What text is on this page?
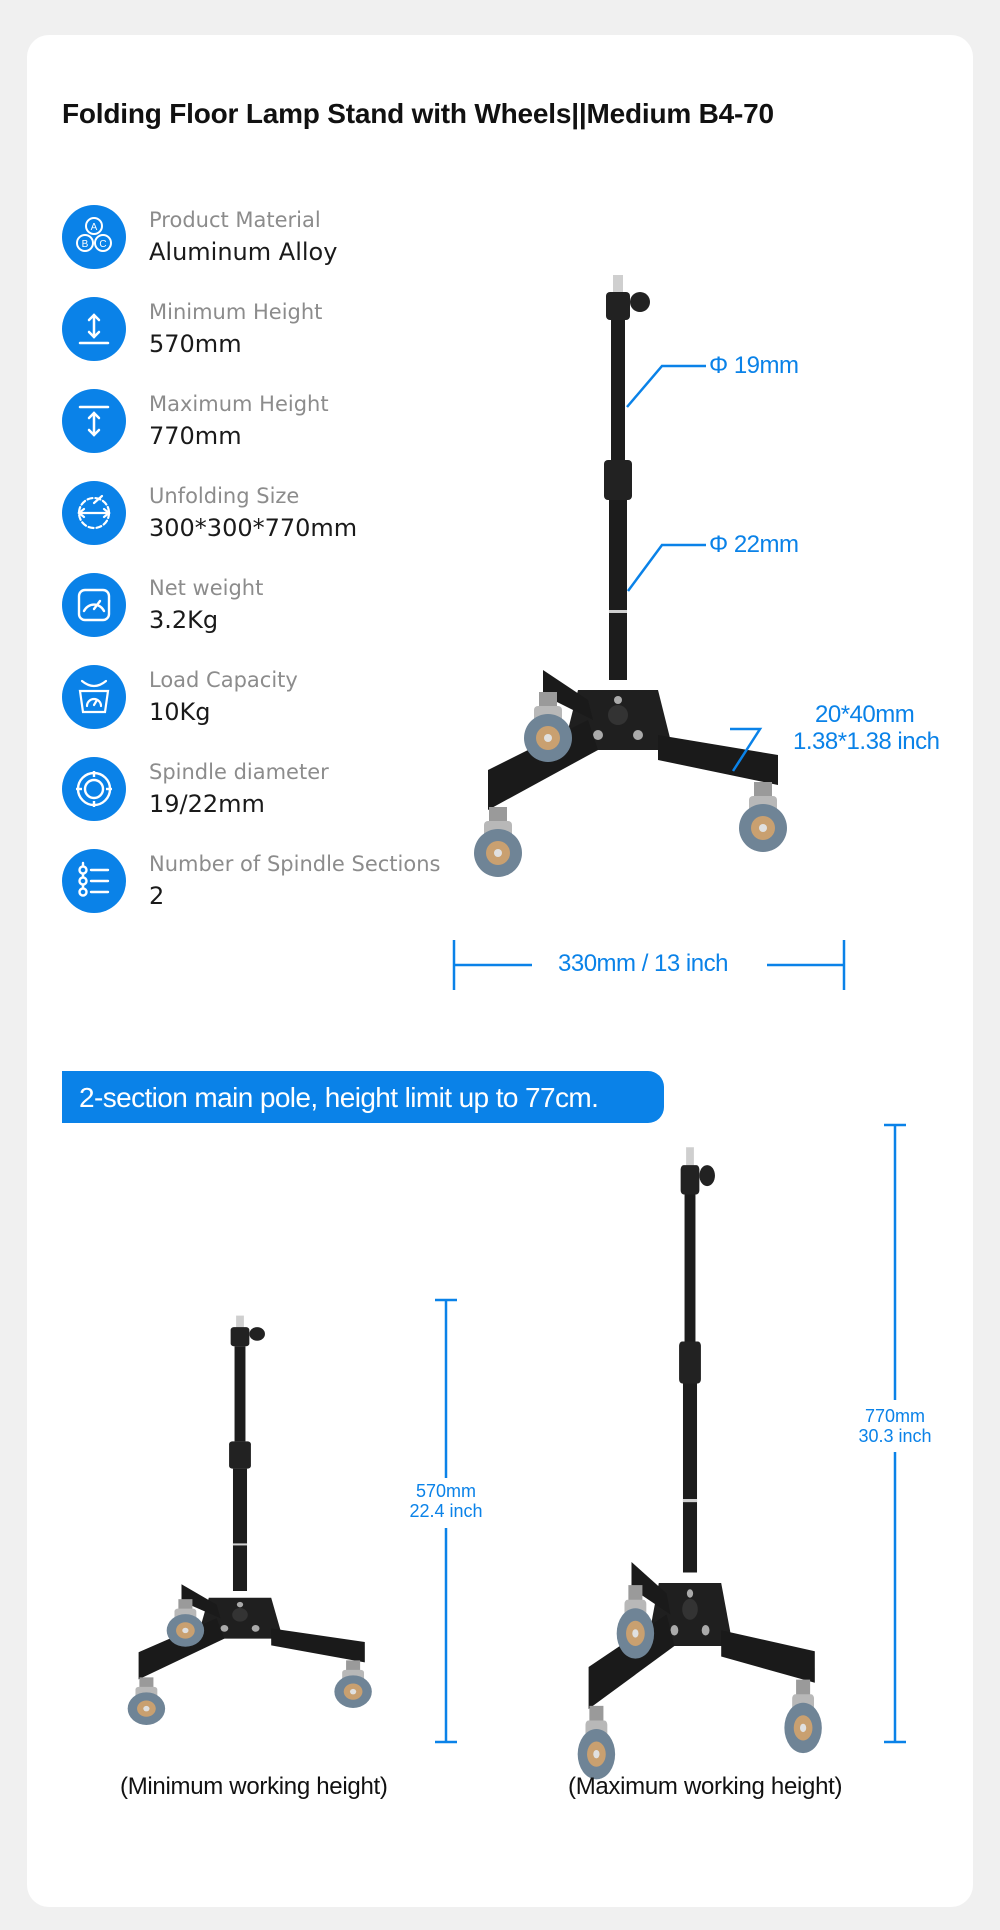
Folding Floor Lamp Stand with Wheels||Medium B4-70
A
B C
Product Material
Aluminum Alloy
Minimum Height
570mm
Maximum Height
770mm
Unfolding Size
300*300*770mm
Net weight
3.2Kg
Load Capacity
10Kg
Spindle diameter
19/22mm
Number of Spindle Sections
2
Φ 19mm
Φ 22mm
20*40mm
1.38*1.38 inch
330mm / 13 inch
2-section main pole, height limit up to 77cm.
570mm
22.4 inch
770mm
30.3 inch
(Minimum working height)	(Maximum working height)
